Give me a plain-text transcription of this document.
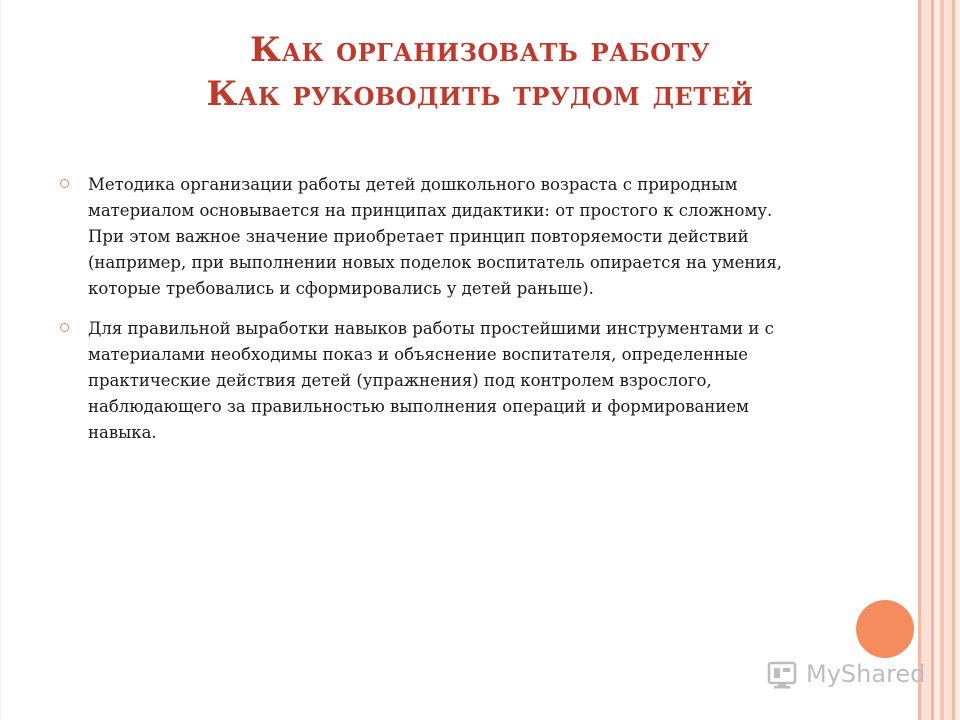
Как организовать работу
Как руководить трудом детей
Методика организации работы детей дошкольного возраста с природным материалом основывается на принципах дидактики: от простого к сложному. При этом важное значение приобретает принцип повторяемости действий (например, при выполнении новых поделок воспитатель опирается на умения, которые требовались и сформировались у детей раньше).
Для правильной выработки навыков работы простейшими инструментами и с материалами необходимы показ и объяснение воспитателя, определенные практические действия детей (упражнения) под контролем взрослого, наблюдающего за правильностью выполнения операций и формированием навыка.
MyShared
